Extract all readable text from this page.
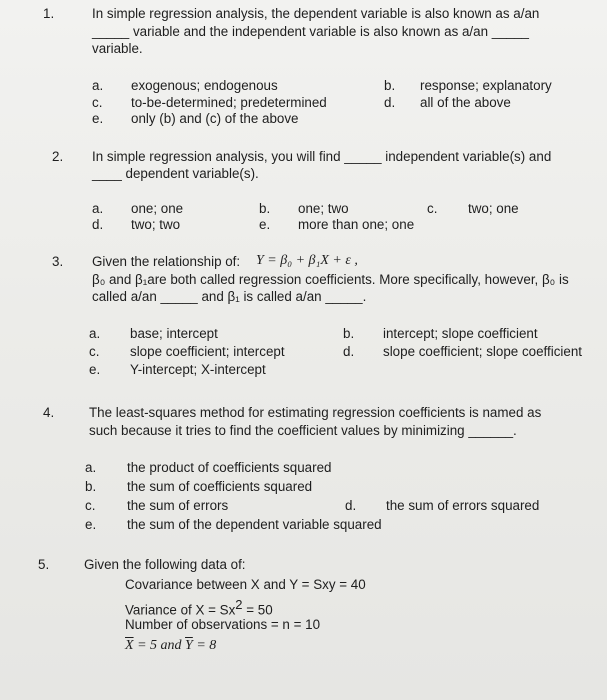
1.	In simple regression analysis, the dependent variable is also known as a/an
_____ variable and the independent variable is also known as a/an _____
variable.
a. exogenous; endogenous	b. response; explanatory
c. to-be-determined; predetermined	d. all of the above
e. only (b) and (c) of the above
2. In simple regression analysis, you will find _____ independent variable(s) and
____ dependent variable(s).
a. one; one	b. one; two	c. two; one
d. two; two	e. more than one; one
3. Given the relationship of: Y = β₀ + β₁X + ε ,
β₀ and β₁are both called regression coefficients. More specifically, however, β₀ is
called a/an _____ and β₁ is called a/an _____.
a. base; intercept	b. intercept; slope coefficient
c. slope coefficient; intercept	d. slope coefficient; slope coefficient
e. Y-intercept; X-intercept
4.	The least-squares method for estimating regression coefficients is named as
such because it tries to find the coefficient values by minimizing ______.
a. the product of coefficients squared
b. the sum of coefficients squared
c. the sum of errors	d. the sum of errors squared
e. the sum of the dependent variable squared
5.	Given the following data of:
Covariance between X and Y = Sxy = 40
Variance of $X = Sx^2 = 50$
Number of observations = n = 10
$\overline{X} = 5$ and $\overline{Y} = 8$
